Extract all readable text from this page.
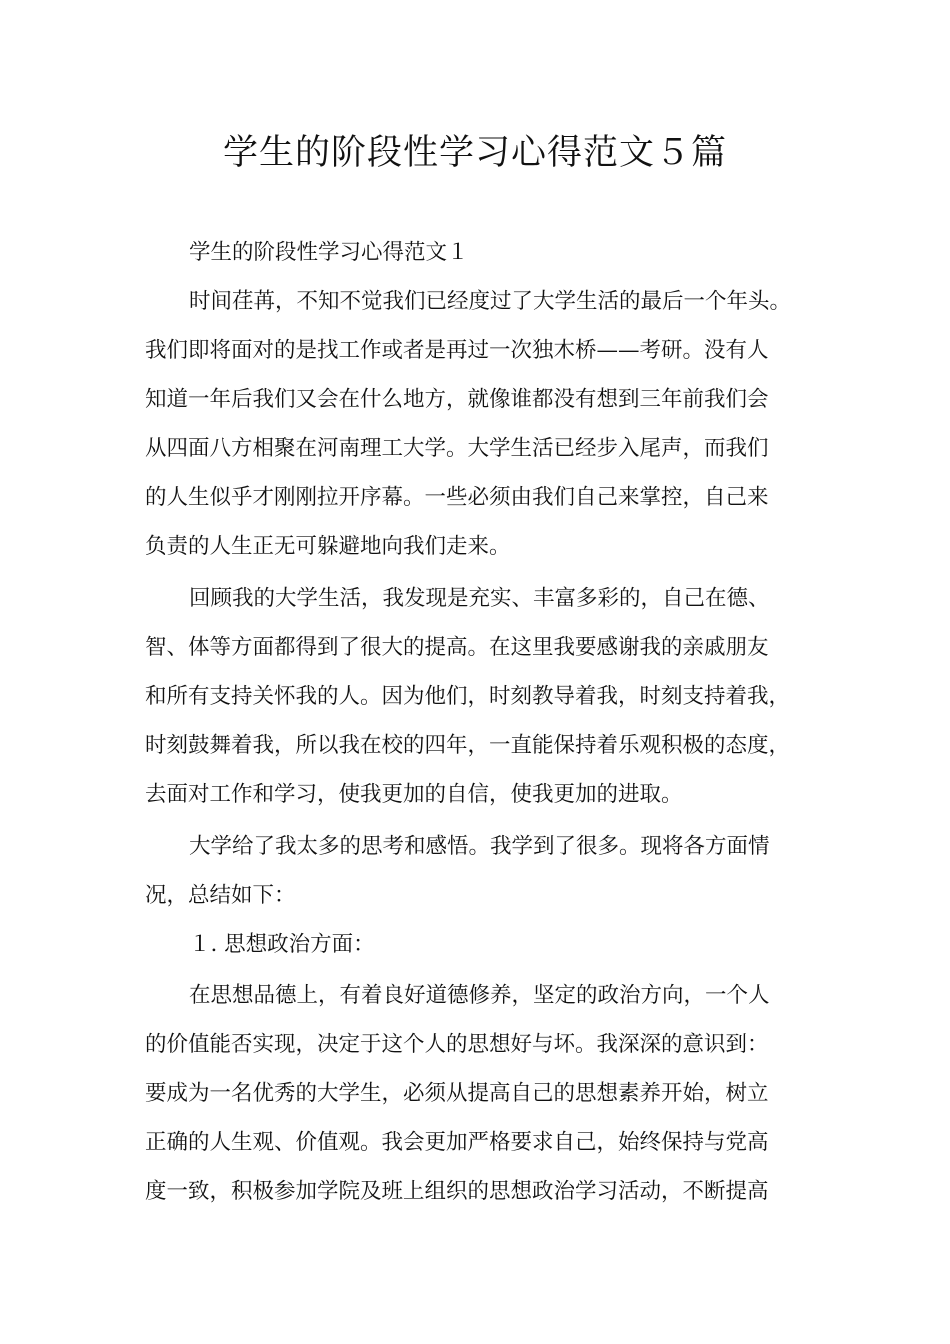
学生的阶段性学习心得范文５篇

学生的阶段性学习心得范文１

时间荏苒，不知不觉我们已经度过了大学生活的最后一个年头。

我们即将面对的是找工作或者是再过一次独木桥——考研。没有人

知道一年后我们又会在什么地方，就像谁都没有想到三年前我们会

从四面八方相聚在河南理工大学。大学生活已经步入尾声，而我们

的人生似乎才刚刚拉开序幕。一些必须由我们自己来掌控，自己来

负责的人生正无可躲避地向我们走来。

回顾我的大学生活，我发现是充实、丰富多彩的，自己在德、

智、体等方面都得到了很大的提高。在这里我要感谢我的亲戚朋友

和所有支持关怀我的人。因为他们，时刻教导着我，时刻支持着我，

时刻鼓舞着我，所以我在校的四年，一直能保持着乐观积极的态度，

去面对工作和学习，使我更加的自信，使我更加的进取。

大学给了我太多的思考和感悟。我学到了很多。现将各方面情

况，总结如下：

１. 思想政治方面：

在思想品德上，有着良好道德修养，坚定的政治方向，一个人

的价值能否实现，决定于这个人的思想好与坏。我深深的意识到：

要成为一名优秀的大学生，必须从提高自己的思想素养开始，树立

正确的人生观、价值观。我会更加严格要求自己，始终保持与党高

度一致，积极参加学院及班上组织的思想政治学习活动，不断提高
